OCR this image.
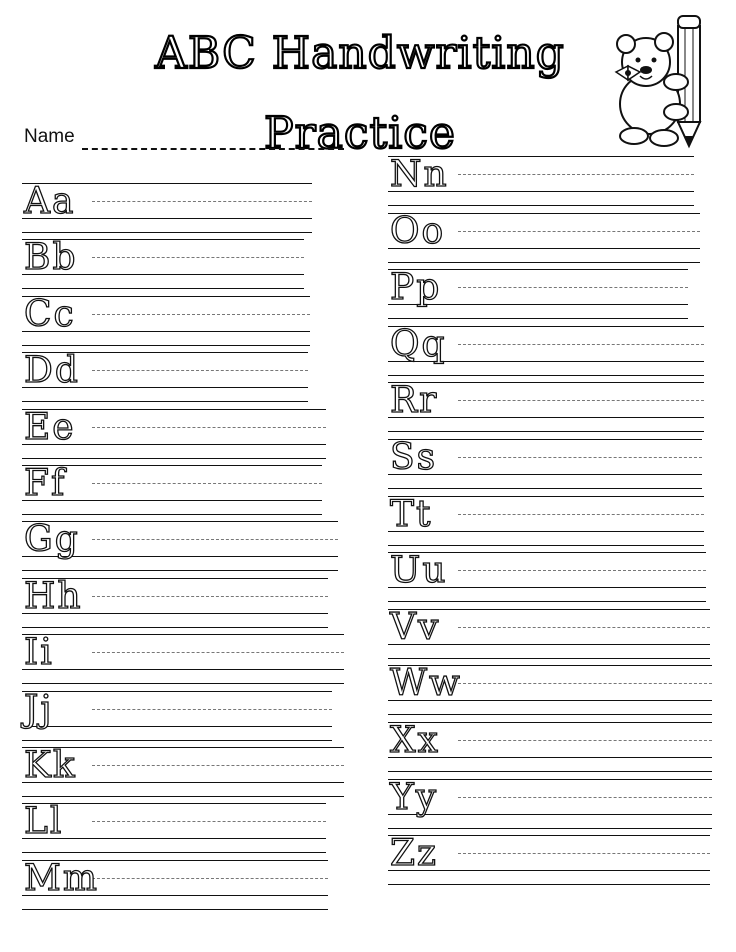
ABC Handwriting Practice
Name
Aa
Bb
Cc
Dd
Ee
Ff
Gg
Hh
Ii
Jj
Kk
Ll
Mm
Nn
Oo
Pp
Qq
Rr
Ss
Tt
Uu
Vv
Ww
Xx
Yy
Zz
